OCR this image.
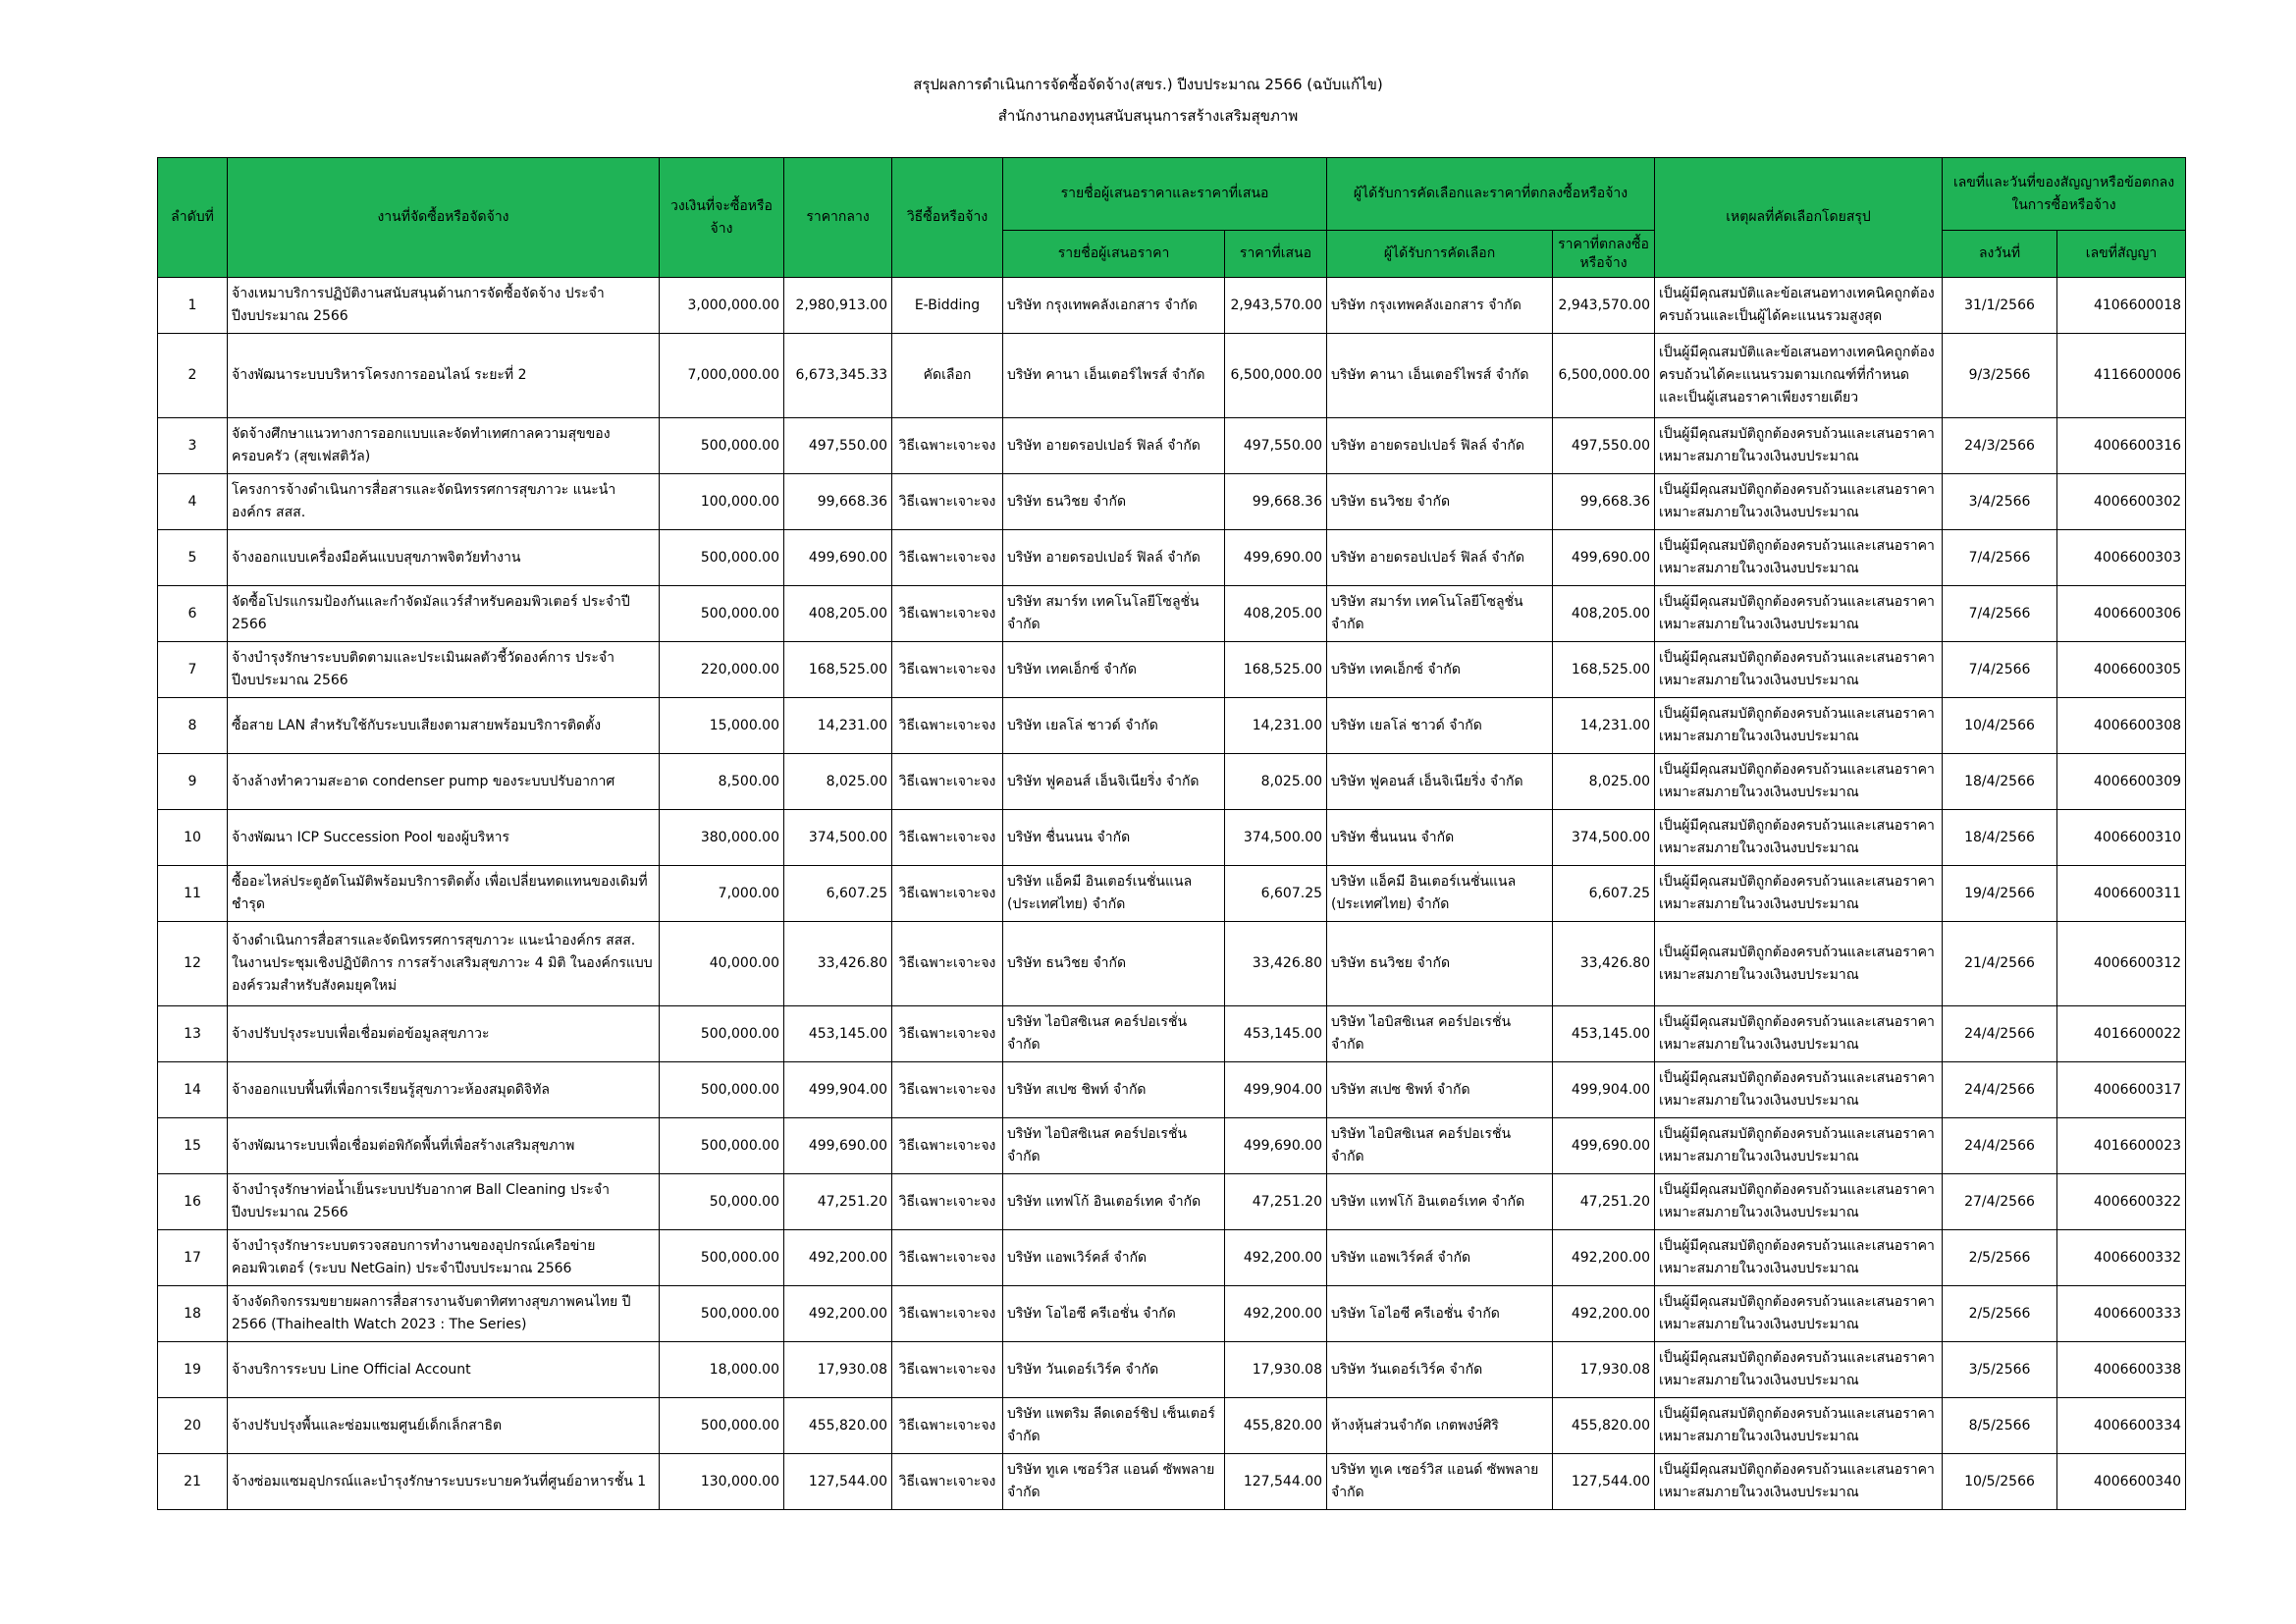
สรุปผลการดำเนินการจัดซื้อจัดจ้าง(สขร.) ปีงบประมาณ 2566 (ฉบับแก้ไข)
สำนักงานกองทุนสนับสนุนการสร้างเสริมสุขภาพ
ลำดับที่	งานที่จัดซื้อหรือจัดจ้าง	วงเงินที่จะซื้อหรือจ้าง	ราคากลาง	วิธีซื้อหรือจ้าง	รายชื่อผู้เสนอราคาและราคาที่เสนอ		ผู้ได้รับการคัดเลือกและราคาที่ตกลงซื้อหรือจ้าง		เหตุผลที่คัดเลือกโดยสรุป	เลขที่และวันที่ของสัญญาหรือข้อตกลงในการซื้อหรือจ้าง	
					รายชื่อผู้เสนอราคา	ราคาที่เสนอ	ผู้ได้รับการคัดเลือก	ราคาที่ตกลงซื้อหรือจ้าง		ลงวันที่	เลขที่สัญญา
1	จ้างเหมาบริการปฏิบัติงานสนับสนุนด้านการจัดซื้อจัดจ้าง ประจำปีงบประมาณ 2566	3,000,000.00	2,980,913.00	E-Bidding	บริษัท กรุงเทพคลังเอกสาร จำกัด	2,943,570.00	บริษัท กรุงเทพคลังเอกสาร จำกัด	2,943,570.00	เป็นผู้มีคุณสมบัติและข้อเสนอทางเทคนิคถูกต้องครบถ้วนและเป็นผู้ได้คะแนนรวมสูงสุด	31/1/2566	4106600018
2	จ้างพัฒนาระบบบริหารโครงการออนไลน์ ระยะที่ 2	7,000,000.00	6,673,345.33	คัดเลือก	บริษัท คานา เอ็นเตอร์ไพรส์ จำกัด	6,500,000.00	บริษัท คานา เอ็นเตอร์ไพรส์ จำกัด	6,500,000.00	เป็นผู้มีคุณสมบัติและข้อเสนอทางเทคนิคถูกต้องครบถ้วนได้คะแนนรวมตามเกณฑ์ที่กำหนด และเป็นผู้เสนอราคาเพียงรายเดียว	9/3/2566	4116600006
3	จัดจ้างศึกษาแนวทางการออกแบบและจัดทำเทศกาลความสุขของครอบครัว (สุขเฟสติวัล)	500,000.00	497,550.00	วิธีเฉพาะเจาะจง	บริษัท อายดรอปเปอร์ ฟิลล์ จำกัด	497,550.00	บริษัท อายดรอปเปอร์ ฟิลล์ จำกัด	497,550.00	เป็นผู้มีคุณสมบัติถูกต้องครบถ้วนและเสนอราคาเหมาะสมภายในวงเงินงบประมาณ	24/3/2566	4006600316
4	โครงการจ้างดำเนินการสื่อสารและจัดนิทรรศการสุขภาวะ แนะนำองค์กร สสส.	100,000.00	99,668.36	วิธีเฉพาะเจาะจง	บริษัท ธนวิชย จำกัด	99,668.36	บริษัท ธนวิชย จำกัด	99,668.36	เป็นผู้มีคุณสมบัติถูกต้องครบถ้วนและเสนอราคาเหมาะสมภายในวงเงินงบประมาณ	3/4/2566	4006600302
5	จ้างออกแบบเครื่องมือค้นแบบสุขภาพจิตวัยทำงาน	500,000.00	499,690.00	วิธีเฉพาะเจาะจง	บริษัท อายดรอปเปอร์ ฟิลล์ จำกัด	499,690.00	บริษัท อายดรอปเปอร์ ฟิลล์ จำกัด	499,690.00	เป็นผู้มีคุณสมบัติถูกต้องครบถ้วนและเสนอราคาเหมาะสมภายในวงเงินงบประมาณ	7/4/2566	4006600303
6	จัดซื้อโปรแกรมป้องกันและกำจัดมัลแวร์สำหรับคอมพิวเตอร์ ประจำปี 2566	500,000.00	408,205.00	วิธีเฉพาะเจาะจง	บริษัท สมาร์ท เทคโนโลยีโซลูชั่น จำกัด	408,205.00	บริษัท สมาร์ท เทคโนโลยีโซลูชั่น จำกัด	408,205.00	เป็นผู้มีคุณสมบัติถูกต้องครบถ้วนและเสนอราคาเหมาะสมภายในวงเงินงบประมาณ	7/4/2566	4006600306
7	จ้างบำรุงรักษาระบบติดตามและประเมินผลตัวชี้วัดองค์การ ประจำปีงบประมาณ 2566	220,000.00	168,525.00	วิธีเฉพาะเจาะจง	บริษัท เทคเอ็กซ์ จำกัด	168,525.00	บริษัท เทคเอ็กซ์ จำกัด	168,525.00	เป็นผู้มีคุณสมบัติถูกต้องครบถ้วนและเสนอราคาเหมาะสมภายในวงเงินงบประมาณ	7/4/2566	4006600305
8	ซื้อสาย LAN สำหรับใช้กับระบบเสียงตามสายพร้อมบริการติดตั้ง	15,000.00	14,231.00	วิธีเฉพาะเจาะจง	บริษัท เยลโล่ ชาวด์ จำกัด	14,231.00	บริษัท เยลโล่ ชาวด์ จำกัด	14,231.00	เป็นผู้มีคุณสมบัติถูกต้องครบถ้วนและเสนอราคาเหมาะสมภายในวงเงินงบประมาณ	10/4/2566	4006600308
9	จ้างล้างทำความสะอาด condenser pump ของระบบปรับอากาศ	8,500.00	8,025.00	วิธีเฉพาะเจาะจง	บริษัท ฟูคอนส์ เอ็นจิเนียริ่ง จำกัด	8,025.00	บริษัท ฟูคอนส์ เอ็นจิเนียริ่ง จำกัด	8,025.00	เป็นผู้มีคุณสมบัติถูกต้องครบถ้วนและเสนอราคาเหมาะสมภายในวงเงินงบประมาณ	18/4/2566	4006600309
10	จ้างพัฒนา ICP Succession Pool ของผู้บริหาร	380,000.00	374,500.00	วิธีเฉพาะเจาะจง	บริษัท ชื่นนนน จำกัด	374,500.00	บริษัท ชื่นนนน จำกัด	374,500.00	เป็นผู้มีคุณสมบัติถูกต้องครบถ้วนและเสนอราคาเหมาะสมภายในวงเงินงบประมาณ	18/4/2566	4006600310
11	ซื้ออะไหล่ประตูอัตโนมัติพร้อมบริการติดตั้ง เพื่อเปลี่ยนทดแทนของเดิมที่ชำรุด	7,000.00	6,607.25	วิธีเฉพาะเจาะจง	บริษัท แอ็คมี อินเตอร์เนชั่นแนล (ประเทศไทย) จำกัด	6,607.25	บริษัท แอ็คมี อินเตอร์เนชั่นแนล (ประเทศไทย) จำกัด	6,607.25	เป็นผู้มีคุณสมบัติถูกต้องครบถ้วนและเสนอราคาเหมาะสมภายในวงเงินงบประมาณ	19/4/2566	4006600311
12	จ้างดำเนินการสื่อสารและจัดนิทรรศการสุขภาวะ แนะนำองค์กร สสส. ในงานประชุมเชิงปฏิบัติการ การสร้างเสริมสุขภาวะ 4 มิติ ในองค์กรแบบองค์รวมสำหรับสังคมยุคใหม่	40,000.00	33,426.80	วิธีเฉพาะเจาะจง	บริษัท ธนวิชย จำกัด	33,426.80	บริษัท ธนวิชย จำกัด	33,426.80	เป็นผู้มีคุณสมบัติถูกต้องครบถ้วนและเสนอราคาเหมาะสมภายในวงเงินงบประมาณ	21/4/2566	4006600312
13	จ้างปรับปรุงระบบเพื่อเชื่อมต่อข้อมูลสุขภาวะ	500,000.00	453,145.00	วิธีเฉพาะเจาะจง	บริษัท ไอบิสซิเนส คอร์ปอเรชั่น จำกัด	453,145.00	บริษัท ไอบิสซิเนส คอร์ปอเรชั่น จำกัด	453,145.00	เป็นผู้มีคุณสมบัติถูกต้องครบถ้วนและเสนอราคาเหมาะสมภายในวงเงินงบประมาณ	24/4/2566	4016600022
14	จ้างออกแบบพื้นที่เพื่อการเรียนรู้สุขภาวะห้องสมุดดิจิทัล	500,000.00	499,904.00	วิธีเฉพาะเจาะจง	บริษัท สเปซ ชิพท์ จำกัด	499,904.00	บริษัท สเปซ ชิพท์ จำกัด	499,904.00	เป็นผู้มีคุณสมบัติถูกต้องครบถ้วนและเสนอราคาเหมาะสมภายในวงเงินงบประมาณ	24/4/2566	4006600317
15	จ้างพัฒนาระบบเพื่อเชื่อมต่อพิกัดพื้นที่เพื่อสร้างเสริมสุขภาพ	500,000.00	499,690.00	วิธีเฉพาะเจาะจง	บริษัท ไอบิสซิเนส คอร์ปอเรชั่น จำกัด	499,690.00	บริษัท ไอบิสซิเนส คอร์ปอเรชั่น จำกัด	499,690.00	เป็นผู้มีคุณสมบัติถูกต้องครบถ้วนและเสนอราคาเหมาะสมภายในวงเงินงบประมาณ	24/4/2566	4016600023
16	จ้างบำรุงรักษาท่อน้ำเย็นระบบปรับอากาศ Ball Cleaning ประจำปีงบประมาณ 2566	50,000.00	47,251.20	วิธีเฉพาะเจาะจง	บริษัท แทฟโก้ อินเตอร์เทค จำกัด	47,251.20	บริษัท แทฟโก้ อินเตอร์เทค จำกัด	47,251.20	เป็นผู้มีคุณสมบัติถูกต้องครบถ้วนและเสนอราคาเหมาะสมภายในวงเงินงบประมาณ	27/4/2566	4006600322
17	จ้างบำรุงรักษาระบบตรวจสอบการทำงานของอุปกรณ์เครือข่ายคอมพิวเตอร์ (ระบบ NetGain) ประจำปีงบประมาณ 2566	500,000.00	492,200.00	วิธีเฉพาะเจาะจง	บริษัท แอพเวิร์คส์ จำกัด	492,200.00	บริษัท แอพเวิร์คส์ จำกัด	492,200.00	เป็นผู้มีคุณสมบัติถูกต้องครบถ้วนและเสนอราคาเหมาะสมภายในวงเงินงบประมาณ	2/5/2566	4006600332
18	จ้างจัดกิจกรรมขยายผลการสื่อสารงานจับตาทิศทางสุขภาพคนไทย ปี 2566 (Thaihealth Watch 2023 : The Series)	500,000.00	492,200.00	วิธีเฉพาะเจาะจง	บริษัท โอไอซี ครีเอชั่น จำกัด	492,200.00	บริษัท โอไอซี ครีเอชั่น จำกัด	492,200.00	เป็นผู้มีคุณสมบัติถูกต้องครบถ้วนและเสนอราคาเหมาะสมภายในวงเงินงบประมาณ	2/5/2566	4006600333
19	จ้างบริการระบบ Line Official Account	18,000.00	17,930.08	วิธีเฉพาะเจาะจง	บริษัท วันเดอร์เวิร์ค จำกัด	17,930.08	บริษัท วันเดอร์เวิร์ค จำกัด	17,930.08	เป็นผู้มีคุณสมบัติถูกต้องครบถ้วนและเสนอราคาเหมาะสมภายในวงเงินงบประมาณ	3/5/2566	4006600338
20	จ้างปรับปรุงพื้นและซ่อมแซมศูนย์เด็กเล็กสาธิต	500,000.00	455,820.00	วิธีเฉพาะเจาะจง	บริษัท แพตริม ลีดเดอร์ชิป เซ็นเตอร์ จำกัด	455,820.00	ห้างหุ้นส่วนจำกัด เกตพงษ์ศิริ	455,820.00	เป็นผู้มีคุณสมบัติถูกต้องครบถ้วนและเสนอราคาเหมาะสมภายในวงเงินงบประมาณ	8/5/2566	4006600334
21	จ้างซ่อมแซมอุปกรณ์และบำรุงรักษาระบบระบายควันที่ศูนย์อาหารชั้น 1	130,000.00	127,544.00	วิธีเฉพาะเจาะจง	บริษัท ทูเค เซอร์วิส แอนด์ ซัพพลาย จำกัด	127,544.00	บริษัท ทูเค เซอร์วิส แอนด์ ซัพพลาย จำกัด	127,544.00	เป็นผู้มีคุณสมบัติถูกต้องครบถ้วนและเสนอราคาเหมาะสมภายในวงเงินงบประมาณ	10/5/2566	4006600340
